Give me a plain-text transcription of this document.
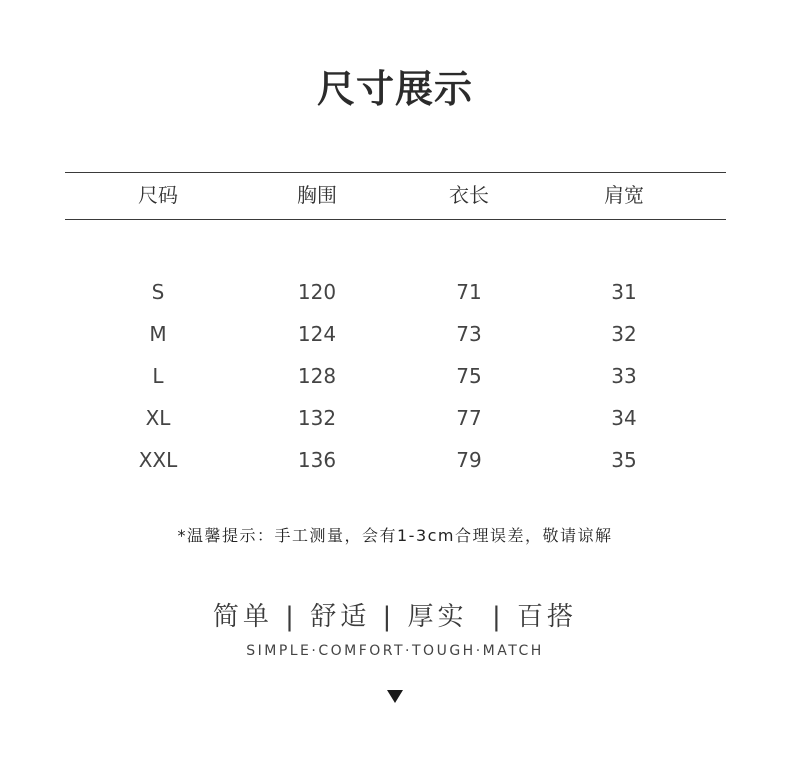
尺寸展示
尺码	胸围	衣长	肩宽
S	120	71	31
M	124	73	32
L	128	75	33
XL	132	77	34
XXL	136	79	35
*温馨提示：手工测量，会有1-3cm合理误差，敬请谅解
简单 | 舒适 | 厚实  | 百搭
SIMPLE·COMFORT·TOUGH·MATCH
